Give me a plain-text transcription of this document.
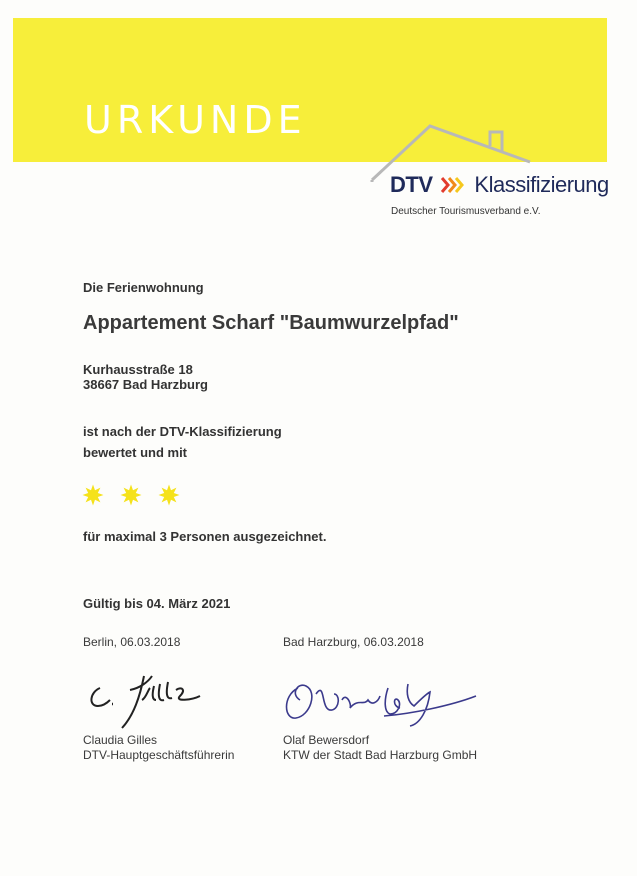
URKUNDE
DTV Klassifizierung
Deutscher Tourismusverband e.V.
Die Ferienwohnung
Appartement Scharf "Baumwurzelpfad"
Kurhausstraße 18
38667 Bad Harzburg
ist nach der DTV-Klassifizierung
bewertet und mit
für maximal 3 Personen ausgezeichnet.
Gültig bis 04. März 2021
Berlin, 06.03.2018	Bad Harzburg, 06.03.2018
Claudia Gilles
DTV-Hauptgeschäftsführerin
Olaf Bewersdorf
KTW der Stadt Bad Harzburg GmbH
